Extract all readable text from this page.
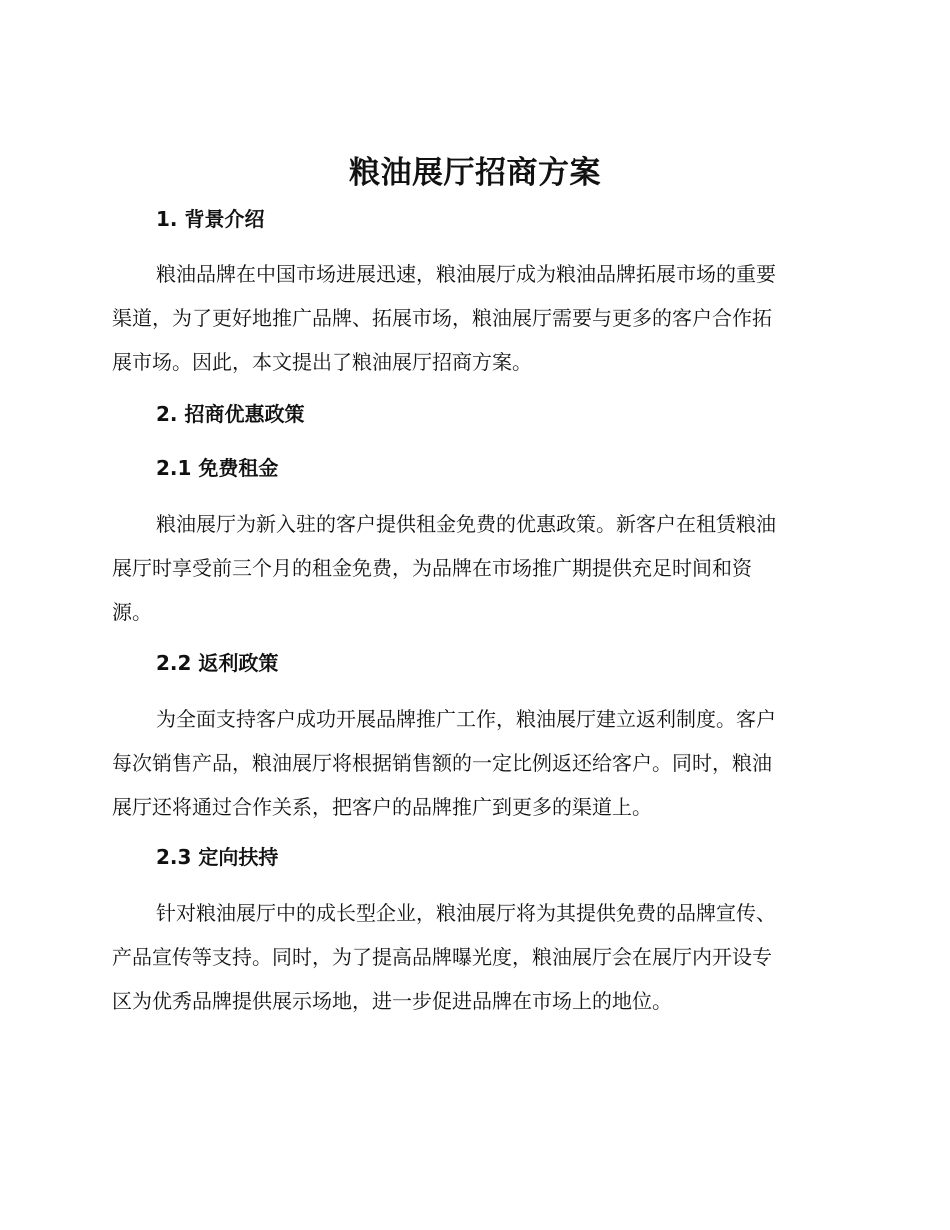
粮油展厅招商方案
1. 背景介绍

粮油品牌在中国市场进展迅速，粮油展厅成为粮油品牌拓展市场的重要
渠道，为了更好地推广品牌、拓展市场，粮油展厅需要与更多的客户合作拓
展市场。因此，本文提出了粮油展厅招商方案。

2. 招商优惠政策
2.1 免费租金

粮油展厅为新入驻的客户提供租金免费的优惠政策。新客户在租赁粮油
展厅时享受前三个月的租金免费，为品牌在市场推广期提供充足时间和资
源。

2.2 返利政策

为全面支持客户成功开展品牌推广工作，粮油展厅建立返利制度。客户
每次销售产品，粮油展厅将根据销售额的一定比例返还给客户。同时，粮油
展厅还将通过合作关系，把客户的品牌推广到更多的渠道上。

2.3 定向扶持

针对粮油展厅中的成长型企业，粮油展厅将为其提供免费的品牌宣传、
产品宣传等支持。同时，为了提高品牌曝光度，粮油展厅会在展厅内开设专
区为优秀品牌提供展示场地，进一步促进品牌在市场上的地位。
